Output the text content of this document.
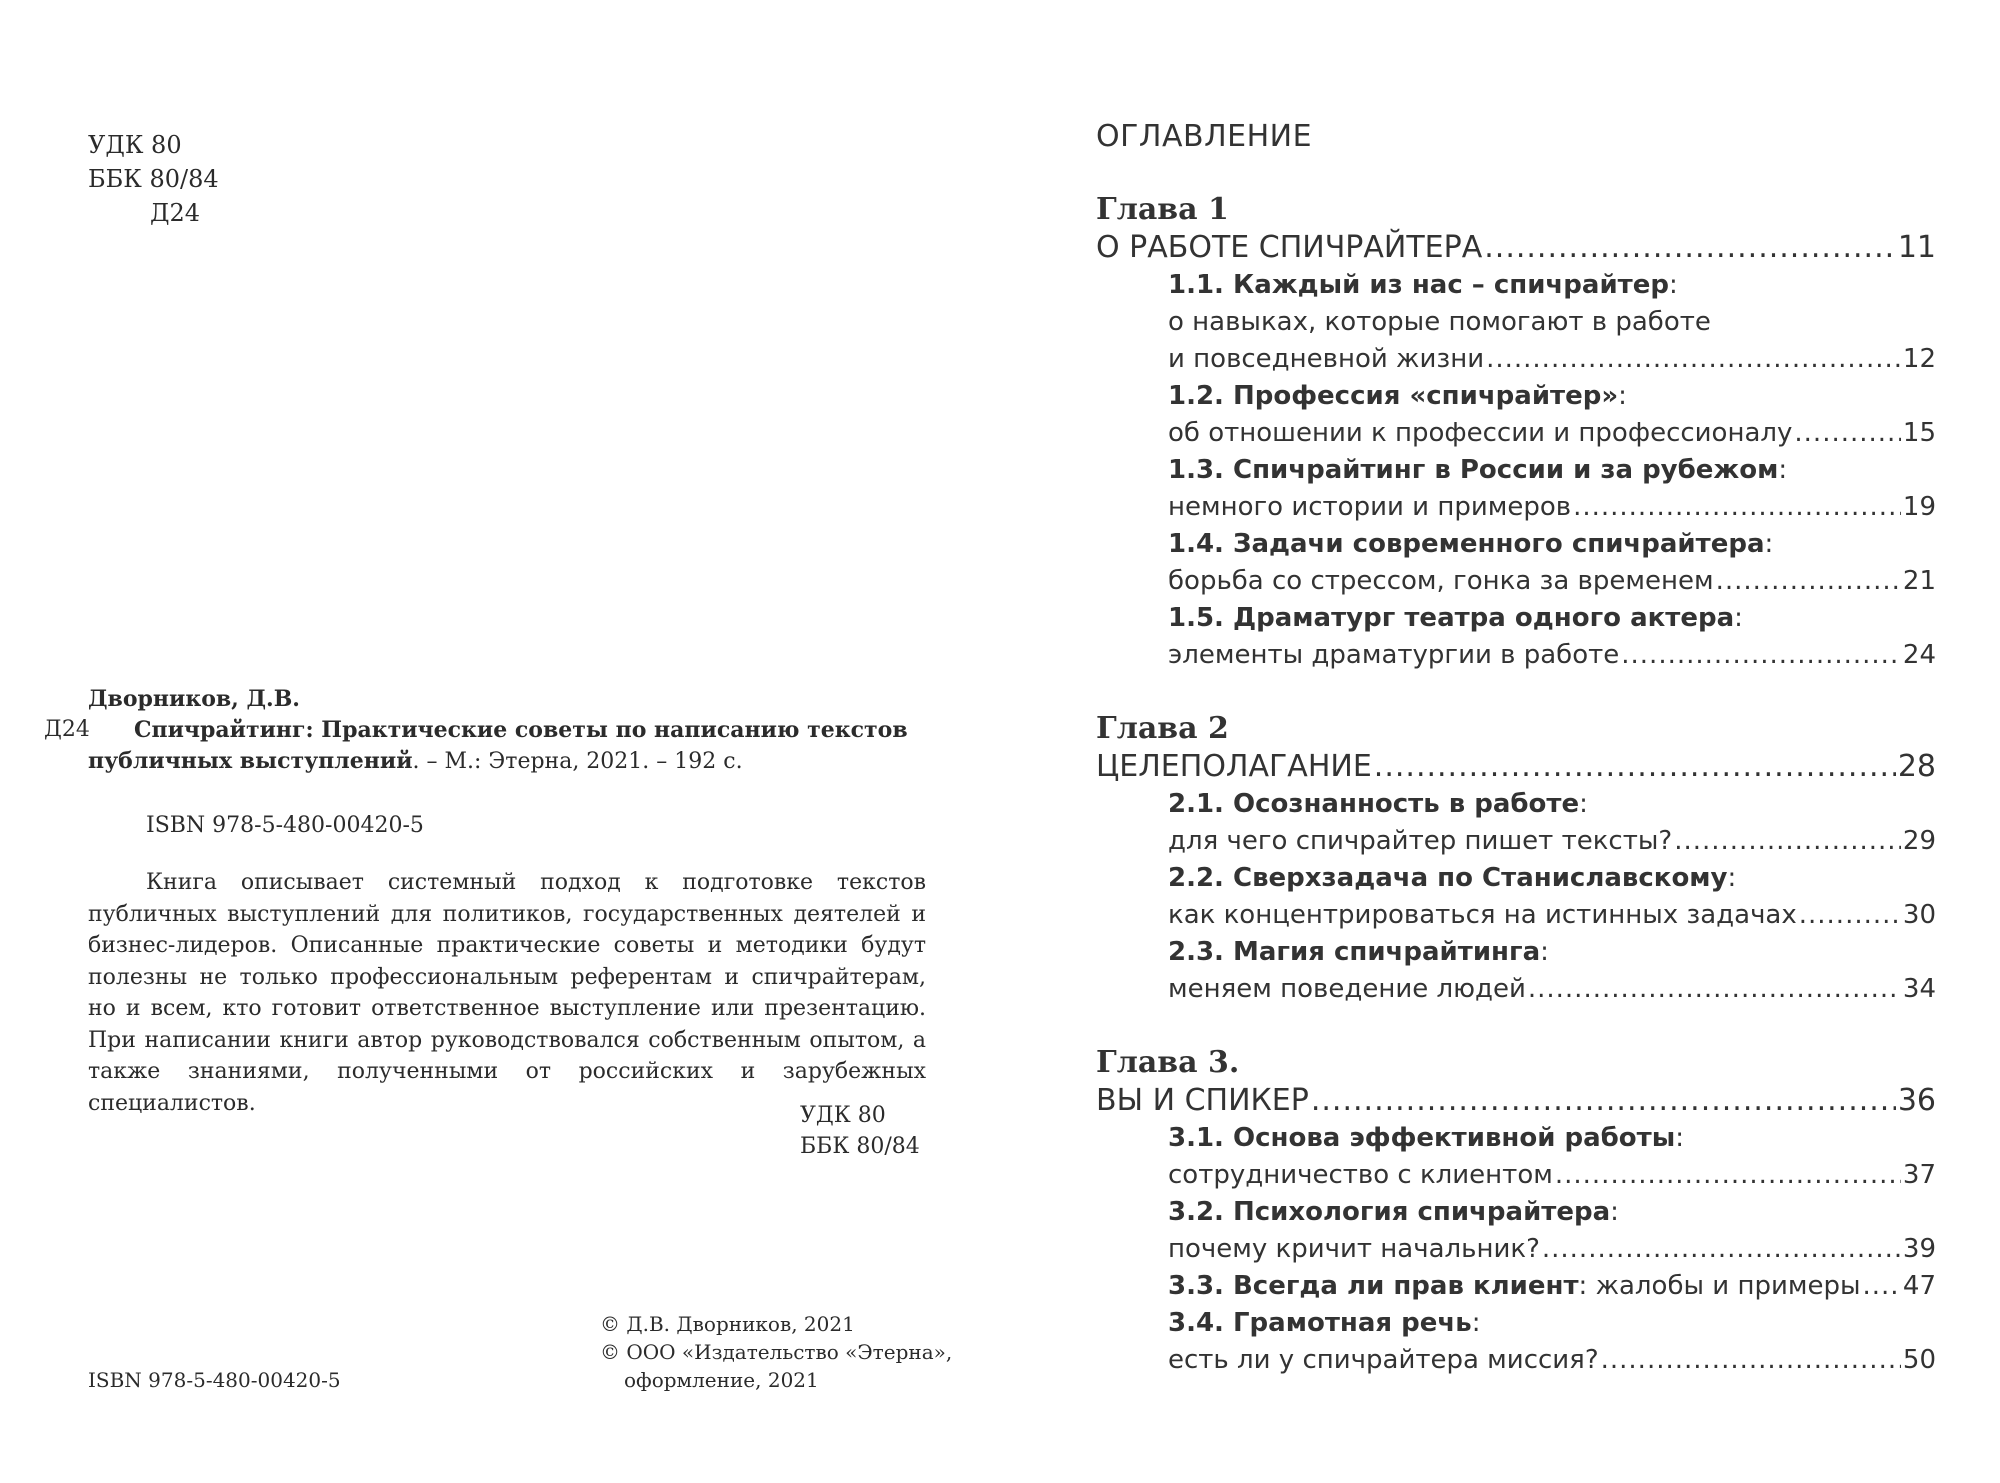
УДК 80
ББК 80/84
Д24
Дворников, Д.В.
Д24 Спичрайтинг: Практические советы по написанию текстов
публичных выступлений. – М.: Этерна, 2021. – 192 с.
ISBN 978-5-480-00420-5
Книга описывает системный подход к подготовке текстов публичных выступлений для политиков, государственных деятелей и бизнес-лидеров. Описанные практические советы и методики будут полезны не только профессиональным референтам и спичрайтерам, но и всем, кто готовит ответственное выступление или презентацию. При написании книги автор руководствовался собственным опытом, а также знаниями, полученными от российских и зарубежных специалистов.	УДК 80
ББК 80/84
© Д.В. Дворников, 2021
© ООО «Издательство «Этерна»,
оформление, 2021
ISBN 978-5-480-00420-5
ОГЛАВЛЕНИЕ
Глава 1
О РАБОТЕ СПИЧРАЙТЕРА .....	11
1.1. Каждый из нас – спичрайтер:
о навыках, которые помогают в работе
и повседневной жизни .....	12
1.2. Профессия «спичрайтер»:
об отношении к профессии и профессионалу .....	15
1.3. Спичрайтинг в России и за рубежом:
немного истории и примеров .....	19
1.4. Задачи современного спичрайтера:
борьба со стрессом, гонка за временем .....	21
1.5. Драматург театра одного актера:
элементы драматургии в работе .....	24
Глава 2
ЦЕЛЕПОЛАГАНИЕ .....	28
2.1. Осознанность в работе:
для чего спичрайтер пишет тексты? .....	29
2.2. Сверхзадача по Станиславскому:
как концентрироваться на истинных задачах .....	30
2.3. Магия спичрайтинга:
меняем поведение людей .....	34
Глава 3.
ВЫ И СПИКЕР .....	36
3.1. Основа эффективной работы:
сотрудничество с клиентом .....	37
3.2. Психология спичрайтера:
почему кричит начальник? .....	39
3.3. Всегда ли прав клиент: жалобы и примеры ..... 47
3.4. Грамотная речь:
есть ли у спичрайтера миссия? .....	50
